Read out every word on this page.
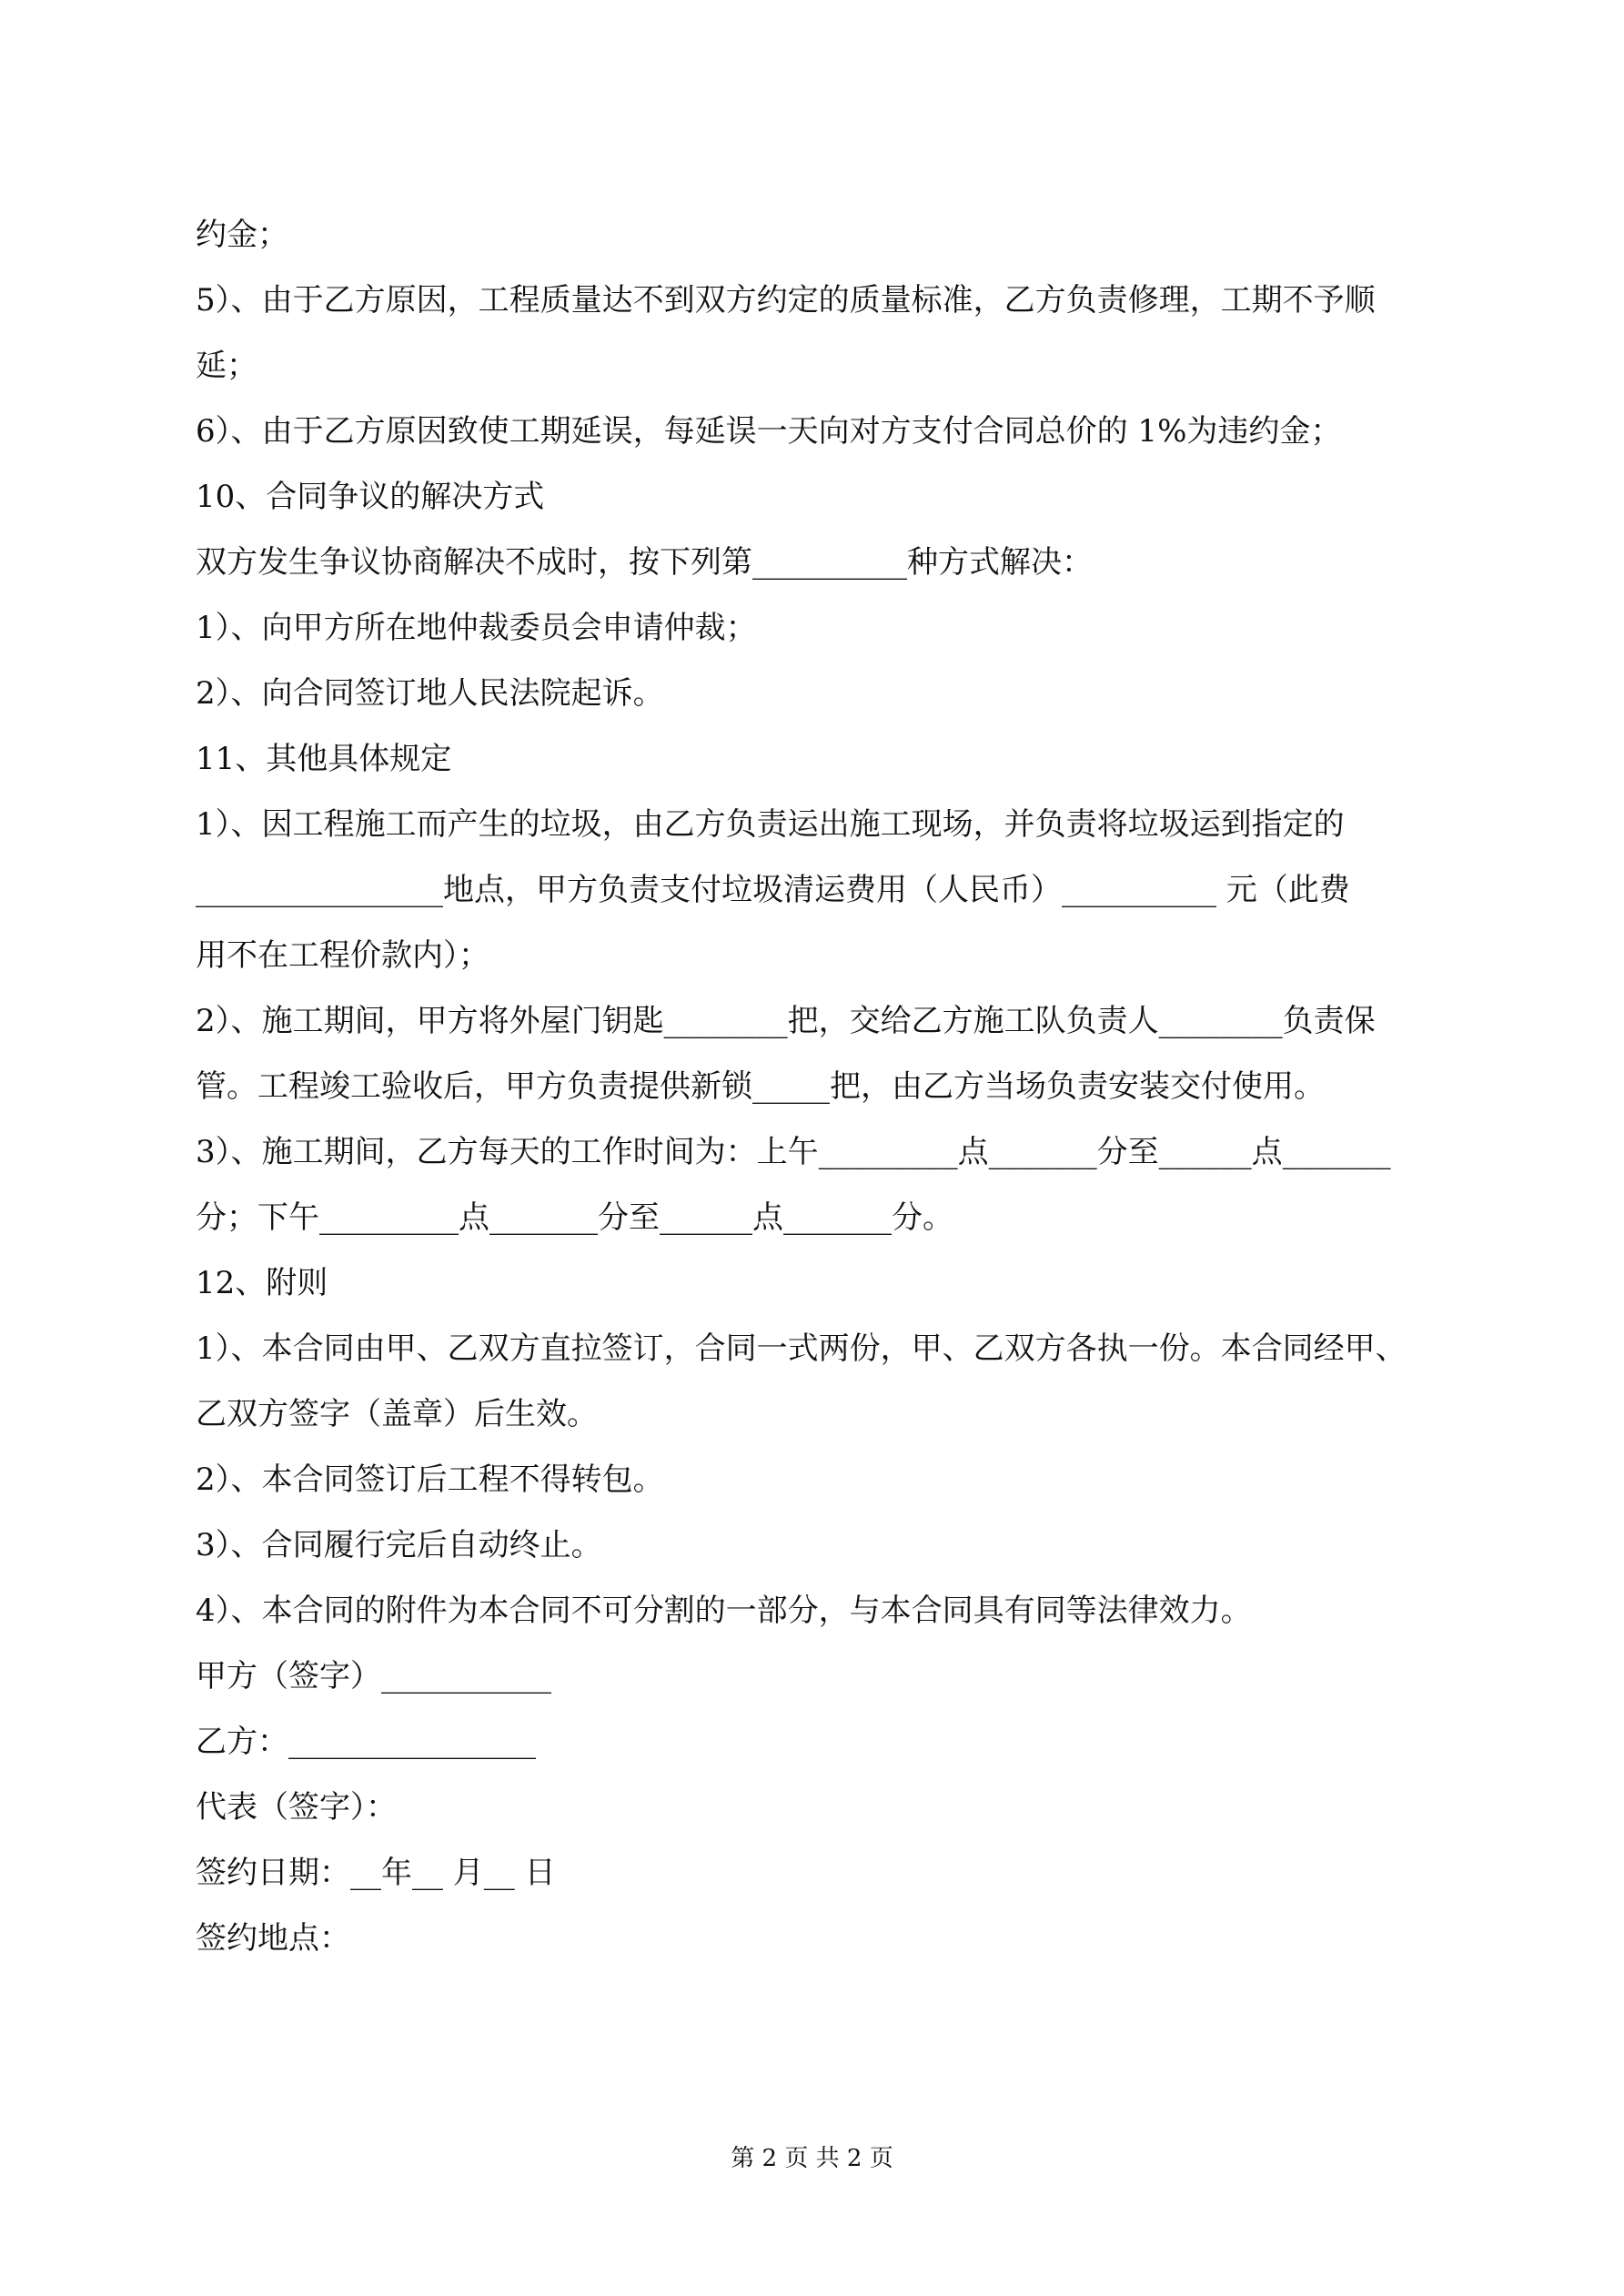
约金；

5）、由于乙方原因，工程质量达不到双方约定的质量标准，乙方负责修理，工期不予顺

延；

6）、由于乙方原因致使工期延误，每延误一天向对方支付合同总价的 1%为违约金；

10、合同争议的解决方式

双方发生争议协商解决不成时，按下列第__________种方式解决：

1）、向甲方所在地仲裁委员会申请仲裁；

2）、向合同签订地人民法院起诉。

11、其他具体规定

1）、因工程施工而产生的垃圾，由乙方负责运出施工现场，并负责将垃圾运到指定的

________________地点，甲方负责支付垃圾清运费用（人民币）__________ 元（此费

用不在工程价款内）；

2）、施工期间，甲方将外屋门钥匙________把，交给乙方施工队负责人________负责保

管。工程竣工验收后，甲方负责提供新锁_____把，由乙方当场负责安装交付使用。

3）、施工期间，乙方每天的工作时间为：上午_________点_______分至______点_______

分；下午_________点_______分至______点_______分。

12、附则

1）、本合同由甲、乙双方直拉签订，合同一式两份，甲、乙双方各执一份。本合同经甲、

乙双方签字（盖章）后生效。

2）、本合同签订后工程不得转包。

3）、合同履行完后自动终止。

4）、本合同的附件为本合同不可分割的一部分，与本合同具有同等法律效力。

甲方（签字）___________

乙方：________________

代表（签字）：

签约日期：__年__ 月__ 日

签约地点：

第 2 页 共 2 页
